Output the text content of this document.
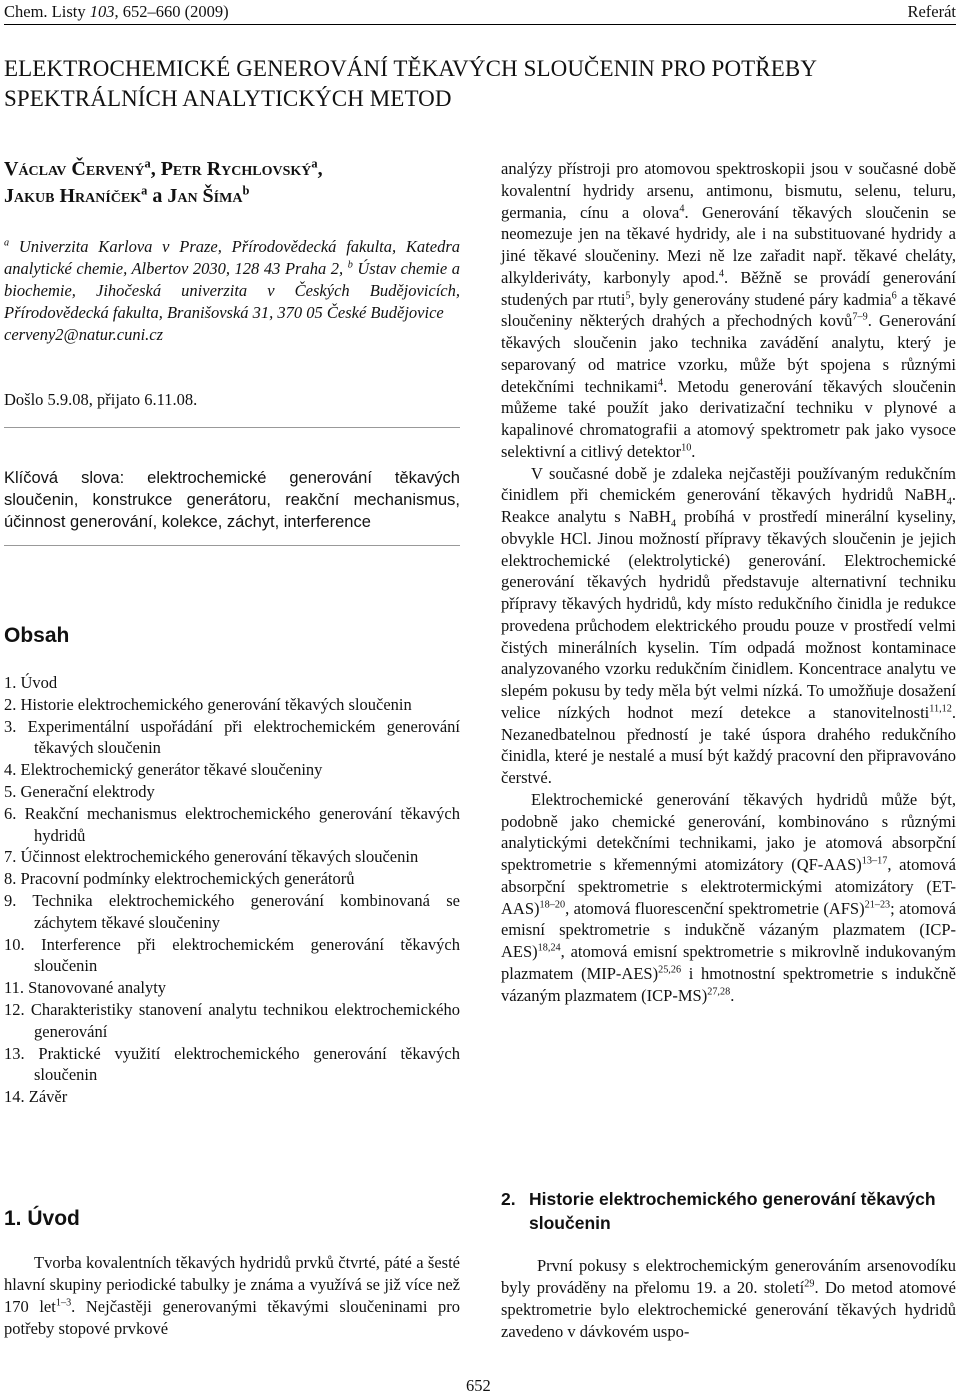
Chem. Listy 103, 652–660 (2009)	Referát
ELEKTROCHEMICKÉ GENEROVÁNÍ TĚKAVÝCH SLOUČENIN PRO POTŘEBY SPEKTRÁLNÍCH ANALYTICKÝCH METOD
Václav Červený$^a$, Petr Rychlovský$^a$,
Jakub Hraníček$^a$ a Jan Šíma$^b$
$^a$ Univerzita Karlova v Praze, Přírodovědecká fakulta, Katedra analytické chemie, Albertov 2030, 128 43 Praha 2, $^b$ Ústav chemie a biochemie, Jihočeská univerzita v Českých Budějovicích, Přírodovědecká fakulta, Branišovská 31, 370 05 České Budějovice
cerveny2@natur.cuni.cz
Došlo 5.9.08, přijato 6.11.08.
Klíčová slova: elektrochemické generování těkavých sloučenin, konstrukce generátoru, reakční mechanismus, účinnost generování, kolekce, záchyt, interference
Obsah
1. Úvod
2. Historie elektrochemického generování těkavých sloučenin
3. Experimentální uspořádání při elektrochemickém generování těkavých sloučenin
4. Elektrochemický generátor těkavé sloučeniny
5. Generační elektrody
6. Reakční mechanismus elektrochemického generování těkavých hydridů
7. Účinnost elektrochemického generování těkavých sloučenin
8. Pracovní podmínky elektrochemických generátorů
9. Technika elektrochemického generování kombinovaná se záchytem těkavé sloučeniny
10. Interference při elektrochemickém generování těkavých sloučenin
11. Stanovované analyty
12. Charakteristiky stanovení analytu technikou elektrochemického generování
13. Praktické využití elektrochemického generování těkavých sloučenin
14. Závěr
1. Úvod
Tvorba kovalentních těkavých hydridů prvků čtvrté, páté a šesté hlavní skupiny periodické tabulky je známa a využívá se již více než 170 let$^{1-3}$. Nejčastěji generovanými těkavými sloučeninami pro potřeby stopové prvkové

analýzy přístroji pro atomovou spektroskopii jsou v současné době kovalentní hydridy arsenu, antimonu, bismutu, selenu, teluru, germania, cínu a olova$^4$. Generování těkavých sloučenin se neomezuje jen na těkavé hydridy, ale i na substituované hydridy a jiné těkavé sloučeniny. Mezi ně lze zařadit např. těkavé cheláty, alkylderiváty, karbonyly apod.$^4$. Běžně se provádí generování studených par rtuti$^5$, byly generovány studené páry kadmia$^6$ a těkavé sloučeniny některých drahých a přechodných kovů$^{7-9}$. Generování těkavých sloučenin jako technika zavádění analytu, který je separovaný od matrice vzorku, může být spojena s různými detekčními technikami$^4$. Metodu generování těkavých sloučenin můžeme také použít jako derivatizační techniku v plynové a kapalinové chromatografii a atomový spektrometr pak jako vysoce selektivní a citlivý detektor$^{10}$.

V současné době je zdaleka nejčastěji používaným redukčním činidlem při chemickém generování těkavých hydridů NaBH$_4$. Reakce analytu s NaBH$_4$ probíhá v prostředí minerální kyseliny, obvykle HCl. Jinou možností přípravy těkavých sloučenin je jejich elektrochemické (elektrolytické) generování. Elektrochemické generování těkavých hydridů představuje alternativní techniku přípravy těkavých hydridů, kdy místo redukčního činidla je redukce provedena průchodem elektrického proudu pouze v prostředí velmi čistých minerálních kyselin. Tím odpadá možnost kontaminace analyzovaného vzorku redukčním činidlem. Koncentrace analytu ve slepém pokusu by tedy měla být velmi nízká. To umožňuje dosažení velice nízkých hodnot mezí detekce a stanovitelnosti$^{11,12}$. Nezanedbatelnou předností je také úspora drahého redukčního činidla, které je nestalé a musí být každý pracovní den připravováno čerstvé.

Elektrochemické generování těkavých hydridů může být, podobně jako chemické generování, kombinováno s různými analytickými detekčními technikami, jako je atomová absorpční spektrometrie s křemennými atomizátory $(QF-AAS)^{13-17}$, atomová absorpční spektrometrie s elektrotermickými atomizátory $(ET-AAS)^{18-20}$, atomová fluorescenční spektrometrie (AFS)$^{21-23}$; atomová emisní spektrometrie s indukčně vázaným plazmatem $(ICP-AES)^{18,24}$, atomová emisní spektrometrie s mikrovlně indukovaným plazmatem $(MIP-AES)^{25,26}$ i hmotnostní spektrometrie s indukčně vázaným plazmatem $(ICP-MS)^{27,28}$.

2. Historie elektrochemického generování těkavých sloučenin
První pokusy s elektrochemickým generováním arsenovodíku byly prováděny na přelomu 19. a 20. století$^{29}$. Do metod atomové spektrometrie bylo elektrochemické generování těkavých hydridů zavedeno v dávkovém uspo-
652
